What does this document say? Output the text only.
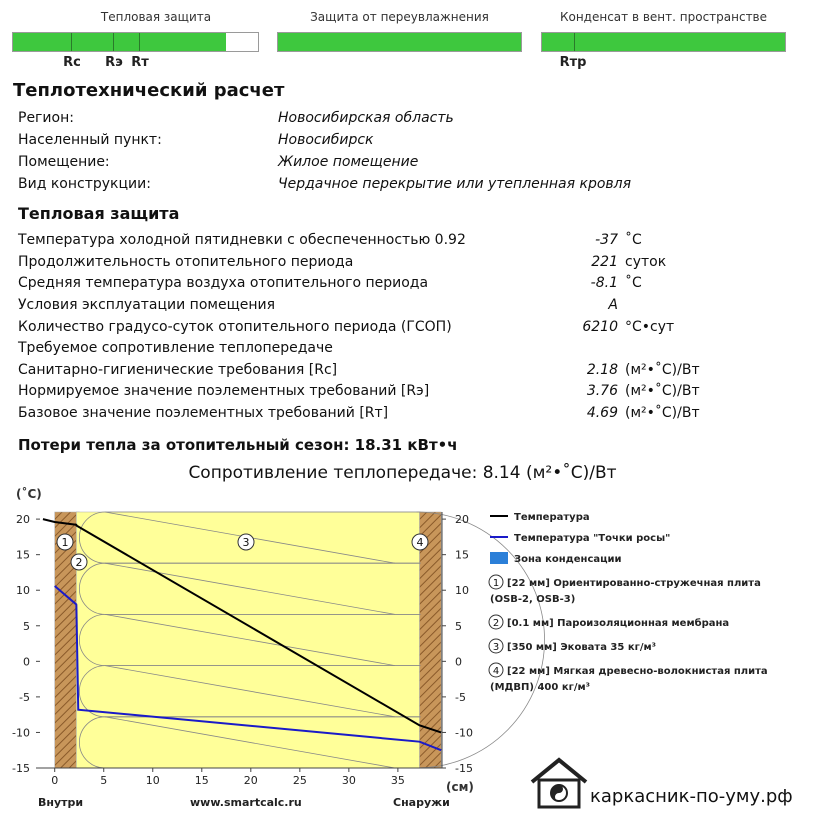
Тепловая защита
Rc Rэ Rт
Защита от переувлажнения	Конденсат в вент. пространстве
Rтр
Теплотехнический расчет
Регион:	Новосибирская область
Населенный пункт:	Новосибирск
Помещение:	Жилое помещение
Вид конструкции:	Чердачное перекрытие или утепленная кровля
Тепловая защита
Температура холодной пятидневки с обеспеченностью 0.92	-37 ˚С
Продолжительность отопительного периода	221 суток
Средняя температура воздуха отопительного периода	-8.1 ˚С
Условия эксплуатации помещения	А
Количество градусо-суток отопительного периода (ГСОП)	6210 °С•сут
Требуемое сопротивление теплопередаче
Санитарно-гигиенические требования [Rc]	2.18 (м²•˚С)/Вт
Нормируемое значение поэлементных требований [Rэ]	3.76 (м²•˚С)/Вт
Базовое значение поэлементных требований [Rт]	4.69 (м²•˚С)/Вт
Потери тепла за отопительный сезон: 18.31 кВт•ч
Сопротивление теплопередаче: 8.14 (м²•˚С)/Вт
20	20
15	15
10	10
5	5
0	0
-5	-5
-10	-10
-15	-15
0	5	10	15	20	25	30	35
1
2
3	4
Температура
Температура "Точки росы"
Зона конденсации
1 [22 мм] Ориентированно-стружечная плита
(OSB-2, OSB-3)
2 [0.1 мм] Пароизоляционная мембрана
3 [350 мм] Эковата 35 кг/м³
4 [22 мм] Мягкая древесно-волокнистая плита
(МДВП) 400 кг/м³
(˚С)
(см)
Внутри	www.smartcalc.ru	Снаружи	каркасник-по-уму.рф
